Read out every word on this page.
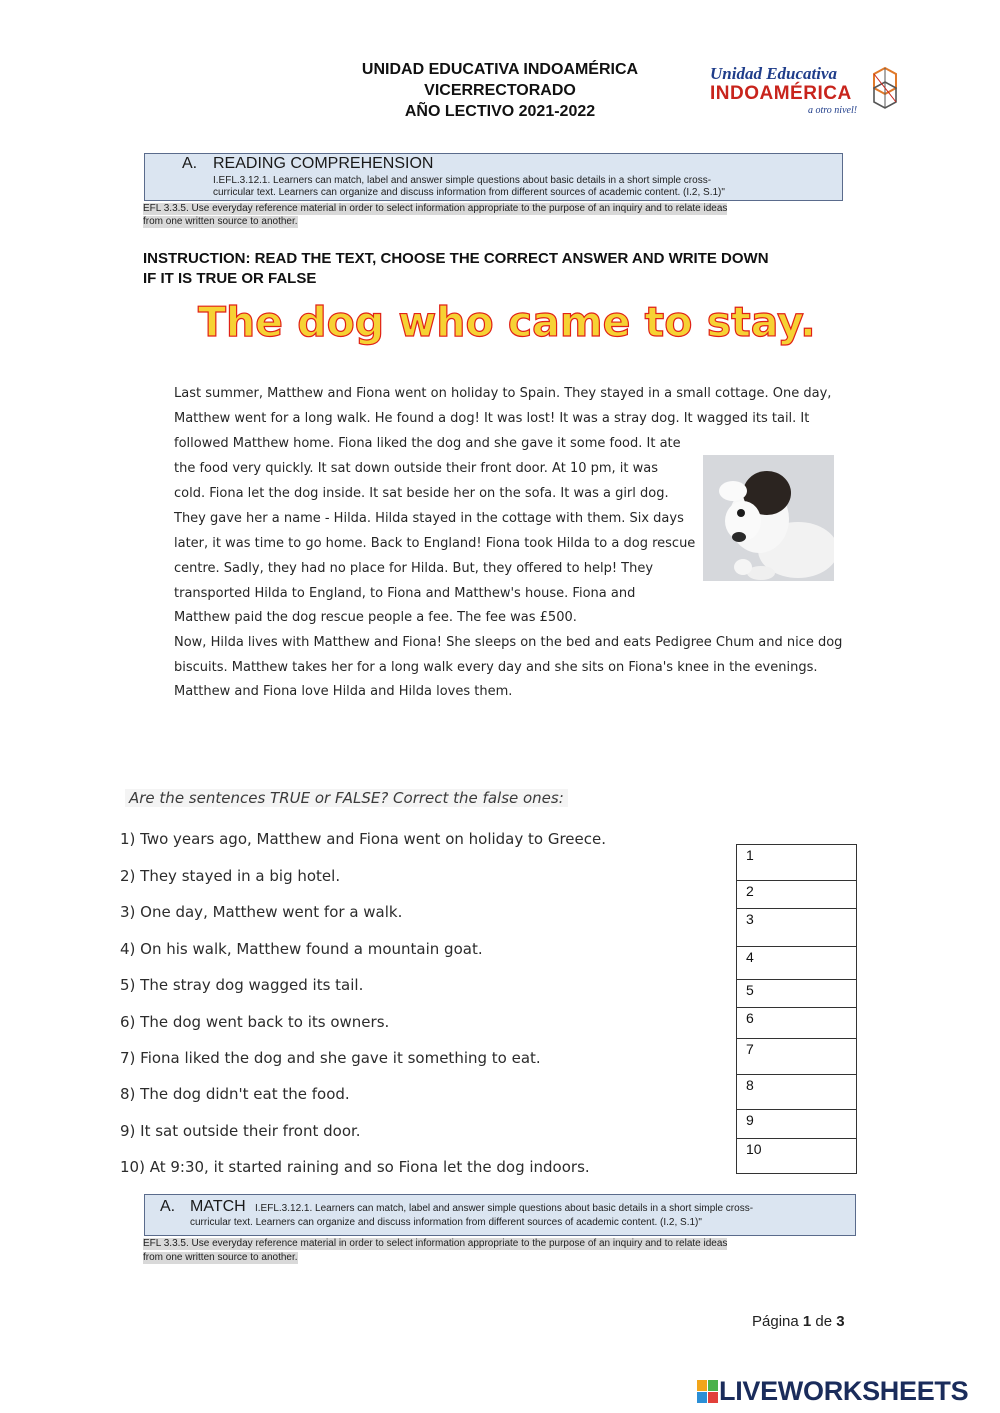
UNIDAD EDUCATIVA INDOAMÉRICA
VICERRECTORADO
AÑO LECTIVO 2021-2022
Unidad Educativa
INDOAMÉRICA
a otro nivel!
A. READING COMPREHENSION
I.EFL.3.12.1. Learners can match, label and answer simple questions about basic details in a short simple cross-
curricular text. Learners can organize and discuss information from different sources of academic content. (I.2, S.1)"
EFL 3.3.5. Use everyday reference material in order to select information appropriate to the purpose of an inquiry and to relate ideas
from one written source to another.
INSTRUCTION: READ THE TEXT, CHOOSE THE CORRECT ANSWER AND WRITE DOWN
IF IT IS TRUE OR FALSE
The dog who came to stay.
Last summer, Matthew and Fiona went on holiday to Spain. They stayed in a small cottage. One day,
Matthew went for a long walk. He found a dog! It was lost! It was a stray dog. It wagged its tail. It
followed Matthew home. Fiona liked the dog and she gave it some food. It ate
the food very quickly. It sat down outside their front door. At 10 pm, it was
cold. Fiona let the dog inside. It sat beside her on the sofa. It was a girl dog.
They gave her a name - Hilda. Hilda stayed in the cottage with them. Six days
later, it was time to go home. Back to England! Fiona took Hilda to a dog rescue
centre. Sadly, they had no place for Hilda. But, they offered to help! They
transported Hilda to England, to Fiona and Matthew's house. Fiona and
Matthew paid the dog rescue people a fee. The fee was £500.
Now, Hilda lives with Matthew and Fiona! She sleeps on the bed and eats Pedigree Chum and nice dog
biscuits. Matthew takes her for a long walk every day and she sits on Fiona's knee in the evenings.
Matthew and Fiona love Hilda and Hilda loves them.
Are the sentences TRUE or FALSE? Correct the false ones:
1) Two years ago, Matthew and Fiona went on holiday to Greece.
2) They stayed in a big hotel.
3) One day, Matthew went for a walk.
4) On his walk, Matthew found a mountain goat.
5) The stray dog wagged its tail.
6) The dog went back to its owners.
7) Fiona liked the dog and she gave it something to eat.
8) The dog didn't eat the food.
9) It sat outside their front door.
10) At 9:30, it started raining and so Fiona let the dog indoors.
1
2
3
4
5
6
7
8
9
10
A. MATCH I.EFL.3.12.1. Learners can match, label and answer simple questions about basic details in a short simple cross-
curricular text. Learners can organize and discuss information from different sources of academic content. (I.2, S.1)"
EFL 3.3.5. Use everyday reference material in order to select information appropriate to the purpose of an inquiry and to relate ideas
from one written source to another.
Página 1 de 3
LIVEWORKSHEETS
